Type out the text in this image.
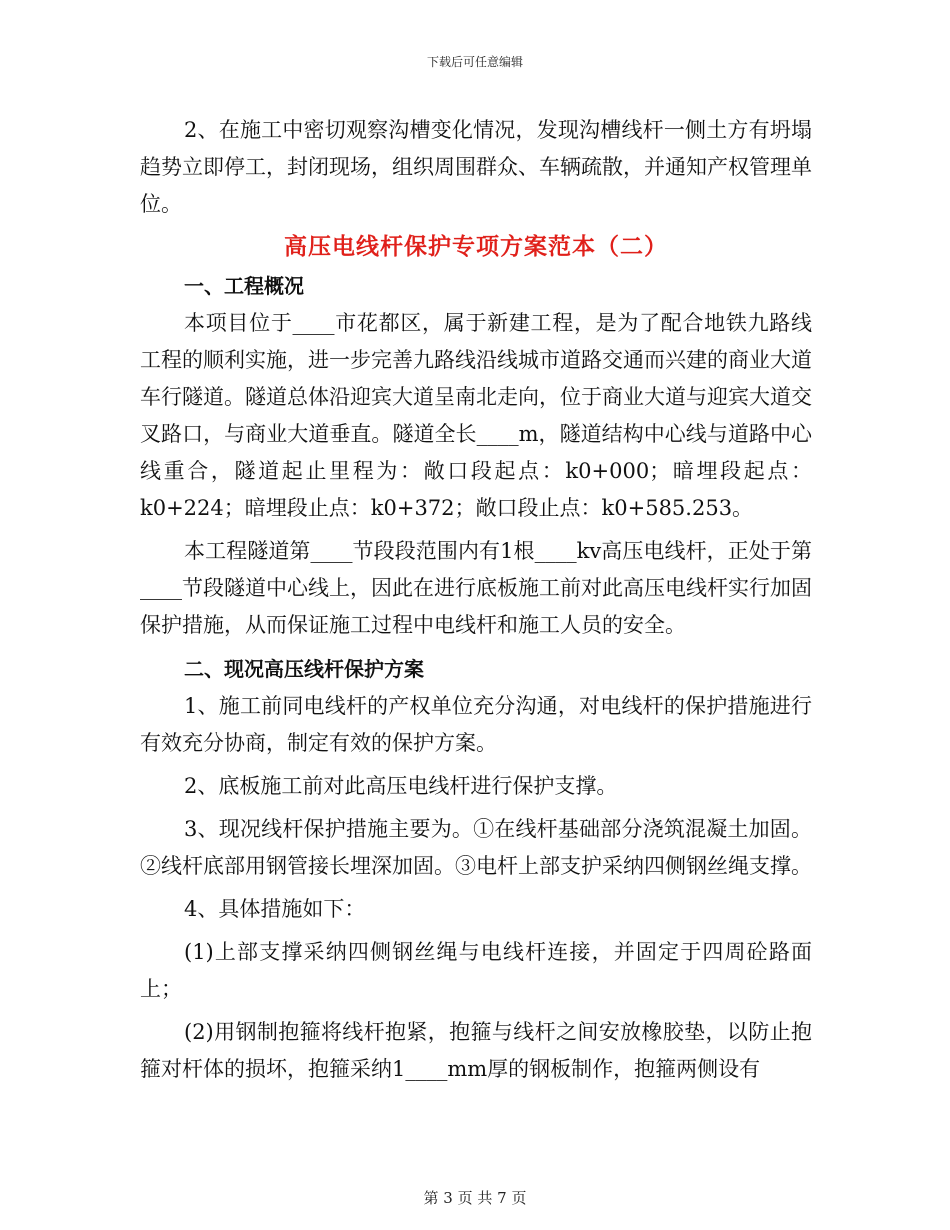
下载后可任意编辑

2、在施工中密切观察沟槽变化情况，发现沟槽线杆一侧土方有坍塌趋势立即停工，封闭现场，组织周围群众、车辆疏散，并通知产权管理单位。

高压电线杆保护专项方案范本（二）
一、工程概况

本项目位于____市花都区，属于新建工程，是为了配合地铁九路线工程的顺利实施，进一步完善九路线沿线城市道路交通而兴建的商业大道车行隧道。隧道总体沿迎宾大道呈南北走向，位于商业大道与迎宾大道交叉路口，与商业大道垂直。隧道全长____m，隧道结构中心线与道路中心线重合，隧道起止里程为：敞口段起点：k0+000；暗埋段起点：k0+224；暗埋段止点：k0+372；敞口段止点：k0+585.253。

本工程隧道第____节段段范围内有1根____kv高压电线杆，正处于第____节段隧道中心线上，因此在进行底板施工前对此高压电线杆实行加固保护措施，从而保证施工过程中电线杆和施工人员的安全。

二、现况高压线杆保护方案

1、施工前同电线杆的产权单位充分沟通，对电线杆的保护措施进行有效充分协商，制定有效的保护方案。

2、底板施工前对此高压电线杆进行保护支撑。

3、现况线杆保护措施主要为。①在线杆基础部分浇筑混凝土加固。②线杆底部用钢管接长埋深加固。③电杆上部支护采纳四侧钢丝绳支撑。

4、具体措施如下：

(1)上部支撑采纳四侧钢丝绳与电线杆连接，并固定于四周砼路面上；

(2)用钢制抱箍将线杆抱紧，抱箍与线杆之间安放橡胶垫，以防止抱箍对杆体的损坏，抱箍采纳1____mm厚的钢板制作，抱箍两侧设有

第 3 页 共 7 页
